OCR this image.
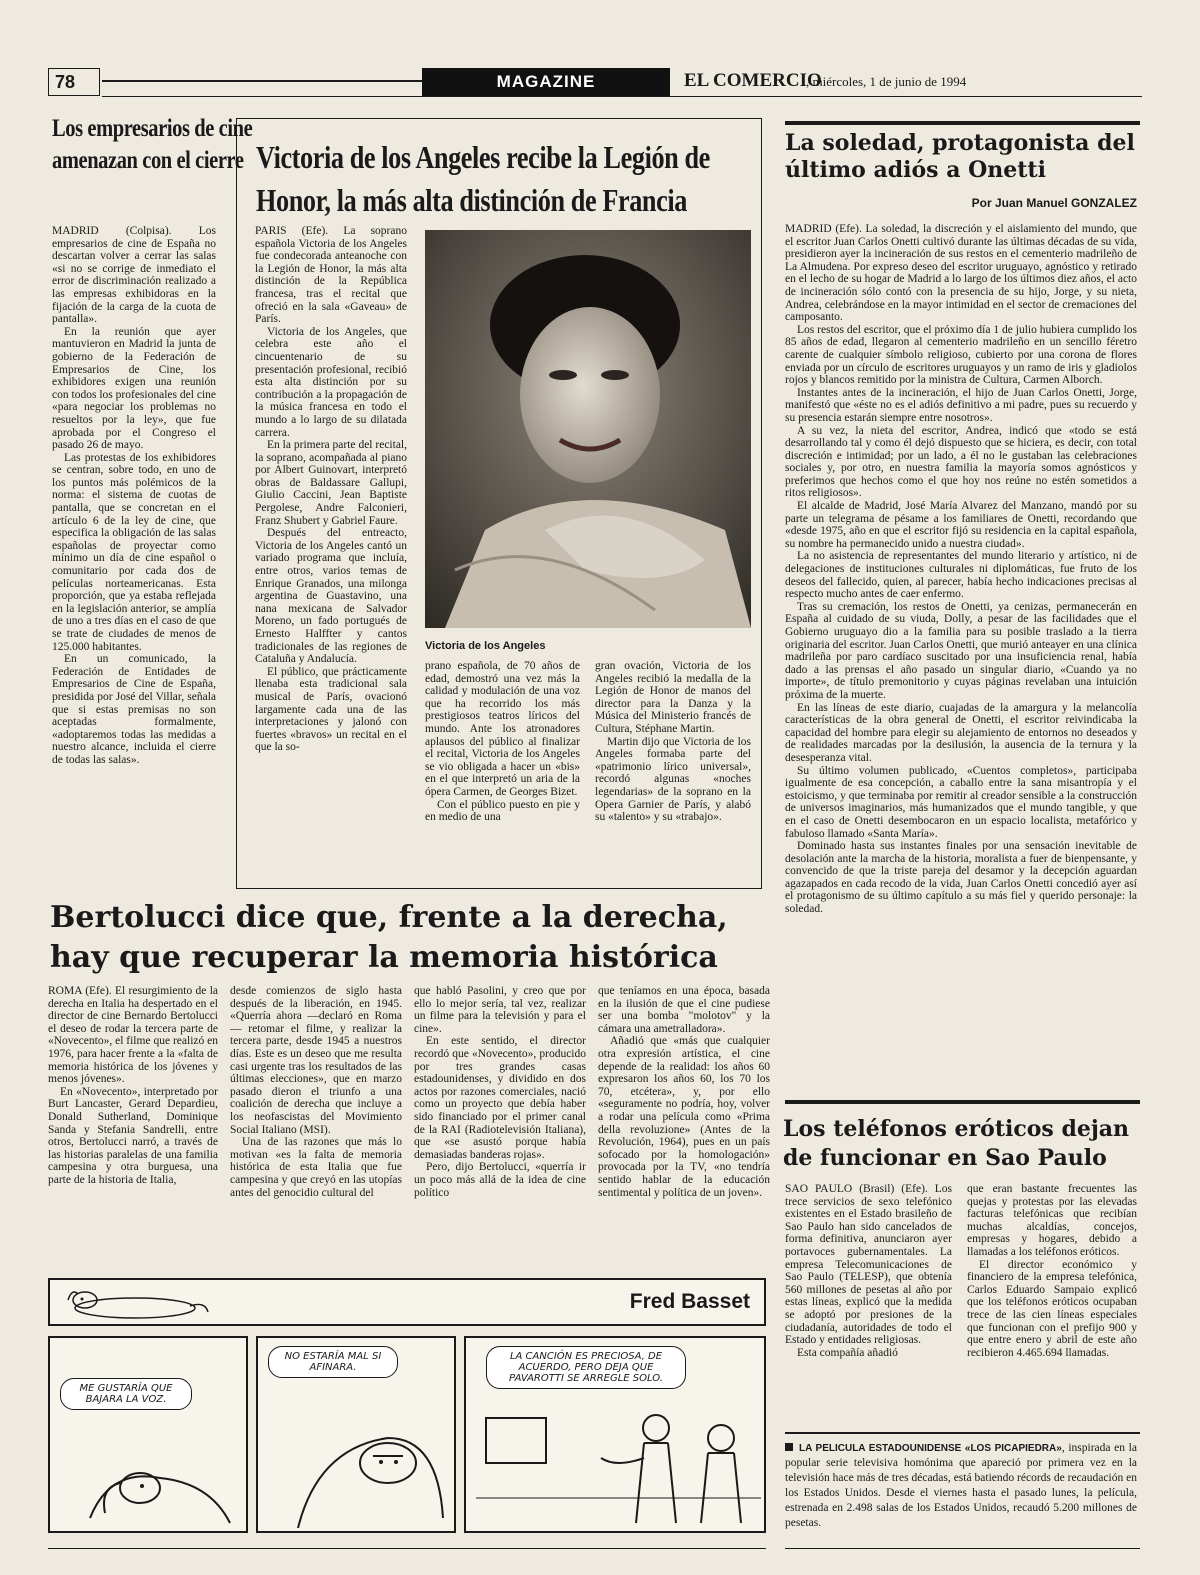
78	MAGAZINE	EL COMERCIO
, miércoles, 1 de junio de 1994
Los empresarios de cine amenazan con el cierre

MADRID (Colpisa). Los empresarios de cine de España no descartan volver a cerrar las salas «si no se corrige de inmediato el error de discriminación realizado a las empresas exhibidoras en la fijación de la carga de la cuota de pantalla».

En la reunión que ayer mantuvieron en Madrid la junta de gobierno de la Federación de Empresarios de Cine, los exhibidores exigen una reunión con todos los profesionales del cine «para negociar los problemas no resueltos por la ley», que fue aprobada por el Congreso el pasado 26 de mayo.

Las protestas de los exhibidores se centran, sobre todo, en uno de los puntos más polémicos de la norma: el sistema de cuotas de pantalla, que se concretan en el artículo 6 de la ley de cine, que especifica la obligación de las salas españolas de proyectar como mínimo un día de cine español o comunitario por cada dos de películas norteamericanas. Esta proporción, que ya estaba reflejada en la legislación anterior, se amplía de uno a tres días en el caso de que se trate de ciudades de menos de 125.000 habitantes.

En un comunicado, la Federación de Entidades de Empresarios de Cine de España, presidida por José del Villar, señala que si estas premisas no son aceptadas formalmente, «adoptaremos todas las medidas a nuestro alcance, incluida el cierre de todas las salas».

Victoria de los Angeles recibe la Legión de Honor, la más alta distinción de Francia

PARIS (Efe). La soprano española Victoria de los Angeles fue condecorada anteanoche con la Legión de Honor, la más alta distinción de la República francesa, tras el recital que ofreció en la sala «Gaveau» de París.

Victoria de los Angeles, que celebra este año el cincuentenario de su presentación profesional, recibió esta alta distinción por su contribución a la propagación de la música francesa en todo el mundo a lo largo de su dilatada carrera.

En la primera parte del recital, la soprano, acompañada al piano por Albert Guinovart, interpretó obras de Baldassare Gallupi, Giulio Caccini, Jean Baptiste Pergolese, Andre Falconieri, Franz Shubert y Gabriel Faure.

Después del entreacto, Victoria de los Angeles cantó un variado programa que incluía, entre otros, varios temas de Enrique Granados, una milonga argentina de Guastavino, una nana mexicana de Salvador Moreno, un fado portugués de Ernesto Halffter y cantos tradicionales de las regiones de Cataluña y Andalucía.

El público, que prácticamente llenaba esta tradicional sala musical de París, ovacionó largamente cada una de las interpretaciones y jalonó con fuertes «bravos» un recital en el que la so-

Victoria de los Angeles

prano española, de 70 años de edad, demostró una vez más la calidad y modulación de una voz que ha recorrido los más prestigiosos teatros líricos del mundo. Ante los atronadores aplausos del público al finalizar el recital, Victoria de los Angeles se vio obligada a hacer un «bis» en el que interpretó un aria de la ópera Carmen, de Georges Bizet.

Con el público puesto en pie y en medio de una

gran ovación, Victoria de los Angeles recibió la medalla de la Legión de Honor de manos del director para la Danza y la Música del Ministerio francés de Cultura, Stéphane Martin.

Martin dijo que Victoria de los Angeles formaba parte del «patrimonio lírico universal», recordó algunas «noches legendarias» de la soprano en la Opera Garnier de París, y alabó su «talento» y su «trabajo».

La soledad, protagonista del último adiós a Onetti
Por Juan Manuel GONZALEZ

MADRID (Efe). La soledad, la discreción y el aislamiento del mundo, que el escritor Juan Carlos Onetti cultivó durante las últimas décadas de su vida, presidieron ayer la incineración de sus restos en el cementerio madrileño de La Almudena. Por expreso deseo del escritor uruguayo, agnóstico y retirado en el lecho de su hogar de Madrid a lo largo de los últimos diez años, el acto de incineración sólo contó con la presencia de su hijo, Jorge, y su nieta, Andrea, celebrándose en la mayor intimidad en el sector de cremaciones del camposanto.

Los restos del escritor, que el próximo día 1 de julio hubiera cumplido los 85 años de edad, llegaron al cementerio madrileño en un sencillo féretro carente de cualquier símbolo religioso, cubierto por una corona de flores enviada por un círculo de escritores uruguayos y un ramo de iris y gladiolos rojos y blancos remitido por la ministra de Cultura, Carmen Alborch.

Instantes antes de la incineración, el hijo de Juan Carlos Onetti, Jorge, manifestó que «éste no es el adiós definitivo a mi padre, pues su recuerdo y su presencia estarán siempre entre nosotros».

A su vez, la nieta del escritor, Andrea, indicó que «todo se está desarrollando tal y como él dejó dispuesto que se hiciera, es decir, con total discreción e intimidad; por un lado, a él no le gustaban las celebraciones sociales y, por otro, en nuestra familia la mayoría somos agnósticos y preferimos que hechos como el que hoy nos reúne no estén sometidos a ritos religiosos».

El alcalde de Madrid, José María Alvarez del Manzano, mandó por su parte un telegrama de pésame a los familiares de Onetti, recordando que «desde 1975, año en que el escritor fijó su residencia en la capital española, su nombre ha permanecido unido a nuestra ciudad».

La no asistencia de representantes del mundo literario y artístico, ni de delegaciones de instituciones culturales ni diplomáticas, fue fruto de los deseos del fallecido, quien, al parecer, había hecho indicaciones precisas al respecto mucho antes de caer enfermo.

Tras su cremación, los restos de Onetti, ya cenizas, permanecerán en España al cuidado de su viuda, Dolly, a pesar de las facilidades que el Gobierno uruguayo dio a la familia para su posible traslado a la tierra originaria del escritor. Juan Carlos Onetti, que murió anteayer en una clínica madrileña por paro cardíaco suscitado por una insuficiencia renal, había dado a las prensas el año pasado un singular diario, «Cuando ya no importe», de título premonitorio y cuyas páginas revelaban una intuición próxima de la muerte.

En las líneas de este diario, cuajadas de la amargura y la melancolía características de la obra general de Onetti, el escritor reivindicaba la capacidad del hombre para elegir su alejamiento de entornos no deseados y de realidades marcadas por la desilusión, la ausencia de la ternura y la desesperanza vital.

Su último volumen publicado, «Cuentos completos», participaba igualmente de esa concepción, a caballo entre la sana misantropía y el estoicismo, y que terminaba por remitir al creador sensible a la construcción de universos imaginarios, más humanizados que el mundo tangible, y que en el caso de Onetti desembocaron en un espacio localista, metafórico y fabuloso llamado «Santa María».

Dominado hasta sus instantes finales por una sensación inevitable de desolación ante la marcha de la historia, moralista a fuer de bienpensante, y convencido de que la triste pareja del desamor y la decepción aguardan agazapados en cada recodo de la vida, Juan Carlos Onetti concedió ayer así el protagonismo de su último capítulo a su más fiel y querido personaje: la soledad.

Bertolucci dice que, frente a la derecha, hay que recuperar la memoria histórica

ROMA (Efe). El resurgimiento de la derecha en Italia ha despertado en el director de cine Bernardo Bertolucci el deseo de rodar la tercera parte de «Novecento», el filme que realizó en 1976, para hacer frente a la «falta de memoria histórica de los jóvenes y menos jóvenes».

En «Novecento», interpretado por Burt Lancaster, Gerard Depardieu, Donald Sutherland, Dominique Sanda y Stefania Sandrelli, entre otros, Bertolucci narró, a través de las historias paralelas de una familia campesina y otra burguesa, una parte de la historia de Italia,

desde comienzos de siglo hasta después de la liberación, en 1945. «Querría ahora —declaró en Roma— retomar el filme, y realizar la tercera parte, desde 1945 a nuestros días. Este es un deseo que me resulta casi urgente tras los resultados de las últimas elecciones», que en marzo pasado dieron el triunfo a una coalición de derecha que incluye a los neofascistas del Movimiento Social Italiano (MSI).

Una de las razones que más lo motivan «es la falta de memoria histórica de esta Italia que fue campesina y que creyó en las utopías antes del genocidio cultural del

que habló Pasolini, y creo que por ello lo mejor sería, tal vez, realizar un filme para la televisión y para el cine».

En este sentido, el director recordó que «Novecento», producido por tres grandes casas estadounidenses, y dividido en dos actos por razones comerciales, nació como un proyecto que debía haber sido financiado por el primer canal de la RAI (Radiotelevisión Italiana), que «se asustó porque había demasiadas banderas rojas».

Pero, dijo Bertolucci, «querría ir un poco más allá de la idea de cine político

que teníamos en una época, basada en la ilusión de que el cine pudiese ser una bomba "molotov" y la cámara una ametralladora».

Añadió que «más que cualquier otra expresión artística, el cine depende de la realidad: los años 60 expresaron los años 60, los 70 los 70, etcétera», y, por ello «seguramente no podría, hoy, volver a rodar una película como «Prima della revoluzione» (Antes de la Revolución, 1964), pues en un país sofocado por la homologación» provocada por la TV, «no tendría sentido hablar de la educación sentimental y política de un joven».

Los teléfonos eróticos dejan de funcionar en Sao Paulo

SAO PAULO (Brasil) (Efe). Los trece servicios de sexo telefónico existentes en el Estado brasileño de Sao Paulo han sido cancelados de forma definitiva, anunciaron ayer portavoces gubernamentales. La empresa Telecomunicaciones de Sao Paulo (TELESP), que obtenía 560 millones de pesetas al año por estas líneas, explicó que la medida se adoptó por presiones de la ciudadanía, autoridades de todo el Estado y entidades religiosas.

Esta compañía añadió

que eran bastante frecuentes las quejas y protestas por las elevadas facturas telefónicas que recibían muchas alcaldías, concejos, empresas y hogares, debido a llamadas a los teléfonos eróticos.

El director económico y financiero de la empresa telefónica, Carlos Eduardo Sampaio explicó que los teléfonos eróticos ocupaban trece de las cien líneas especiales que funcionan con el prefijo 900 y que entre enero y abril de este año recibieron 4.465.694 llamadas.

LA PELICULA ESTADOUNIDENSE «LOS PICAPIEDRA», inspirada en la popular serie televisiva homónima que apareció por primera vez en la televisión hace más de tres décadas, está batiendo récords de recaudación en los Estados Unidos. Desde el viernes hasta el pasado lunes, la película, estrenada en 2.498 salas de los Estados Unidos, recaudó 5.200 millones de pesetas.
Fred Basset
ME GUSTARÍA QUE BAJARA LA VOZ.
NO ESTARÍA MAL SI AFINARA.
LA CANCIÓN ES PRECIOSA, DE ACUERDO, PERO DEJA QUE PAVAROTTI SE ARREGLE SOLO.
